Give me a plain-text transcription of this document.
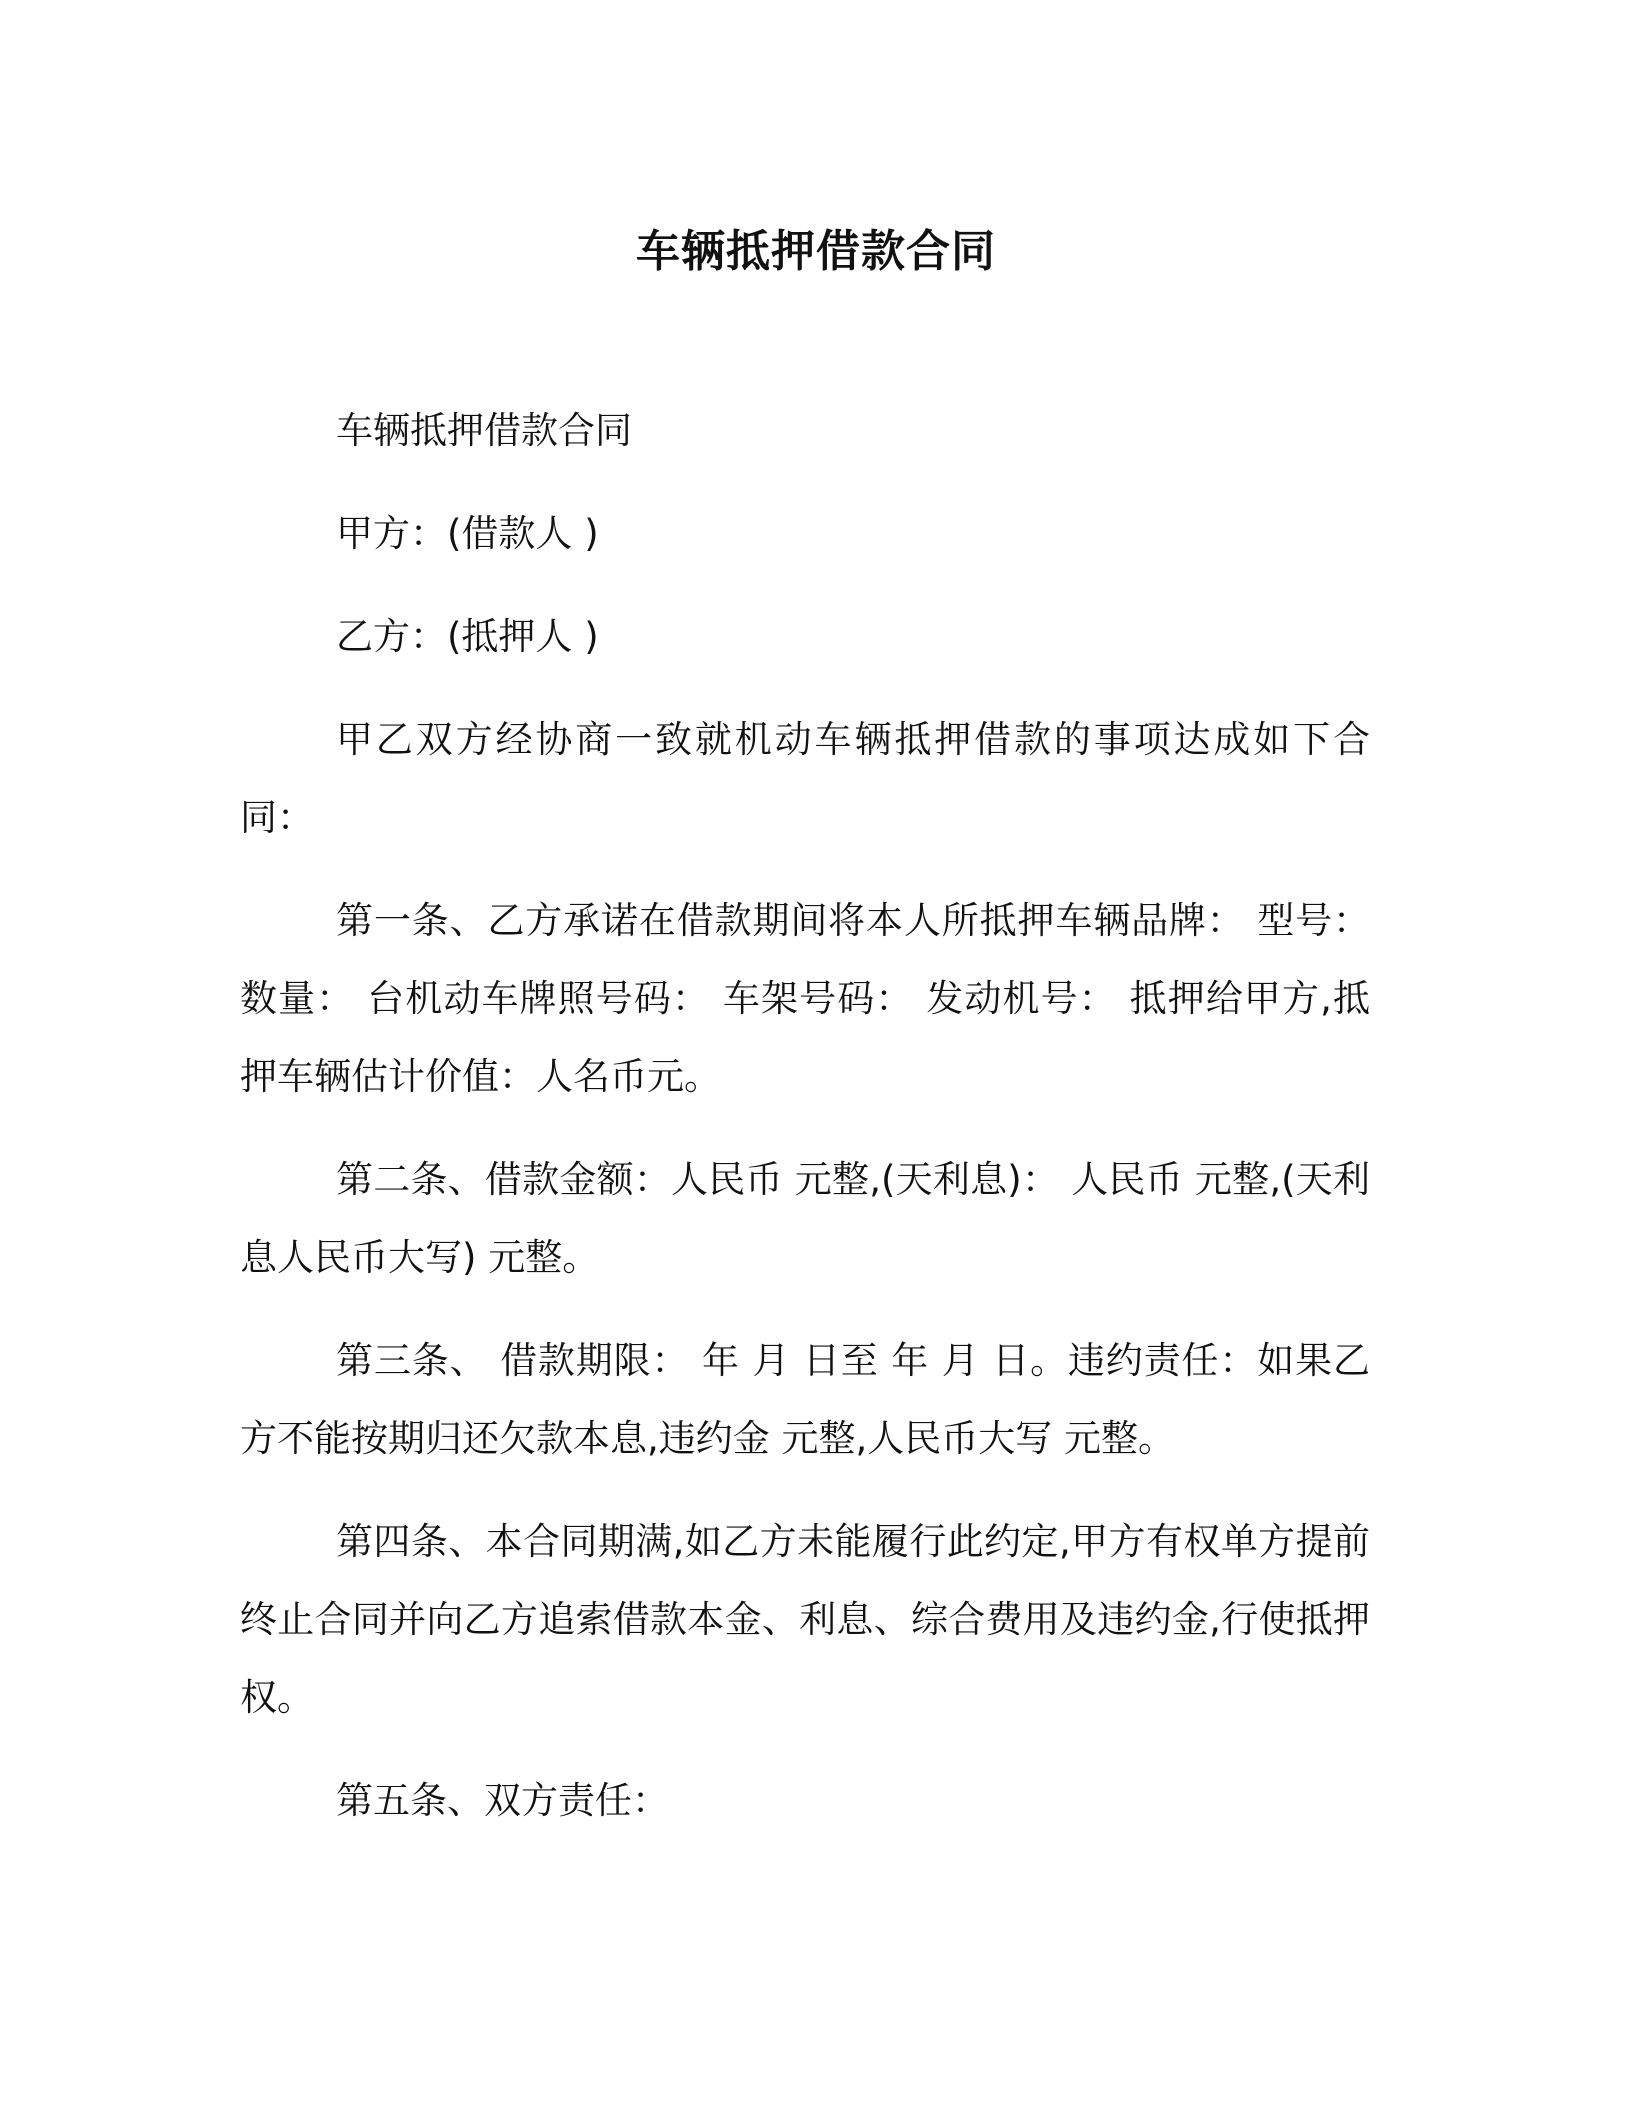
车辆抵押借款合同

车辆抵押借款合同

甲方：(借款人 )

乙方：(抵押人 )

甲乙双方经协商一致就机动车辆抵押借款的事项达成如下合同：

第一条、乙方承诺在借款期间将本人所抵押车辆品牌： 型号： 数量： 台机动车牌照号码： 车架号码： 发动机号： 抵押给甲方,抵押车辆估计价值：人名币元。

第二条、借款金额：人民币 元整,(天利息)： 人民币 元整,(天利息人民币大写) 元整。

第三条、 借款期限： 年 月 日至 年 月 日。违约责任：如果乙方不能按期归还欠款本息,违约金 元整,人民币大写 元整。

第四条、本合同期满,如乙方未能履行此约定,甲方有权单方提前终止合同并向乙方追索借款本金、利息、综合费用及违约金,行使抵押权。

第五条、双方责任：
